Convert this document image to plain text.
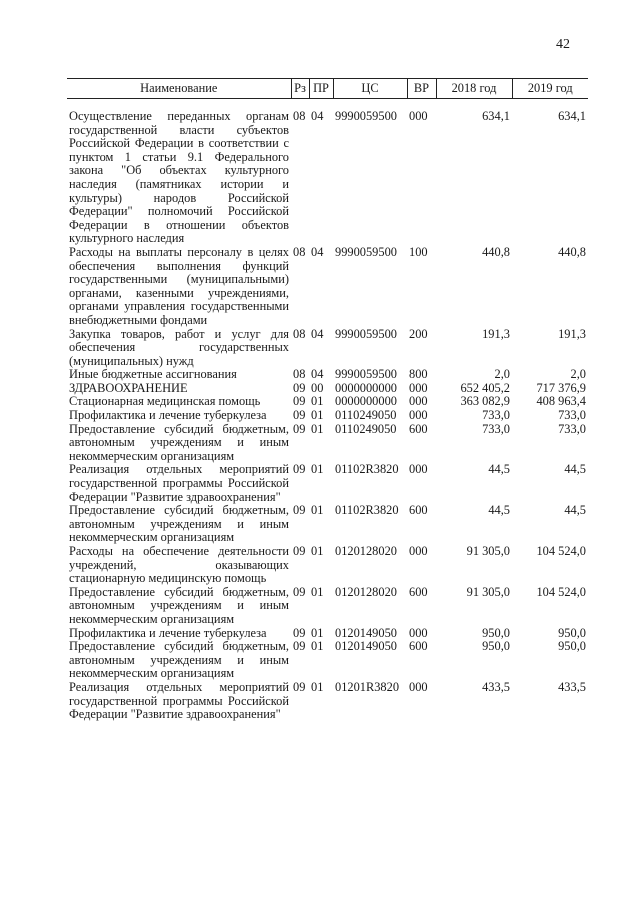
42
Наименование	Рз	ПР	ЦС	ВР	2018 год	2019 год
Осуществление переданных органам государственной власти субъектов Российской Федерации в соответствии с пунктом 1 статьи 9.1 Федерального закона "Об объектах культурного наследия (памятниках истории и культуры) народов Российской Федерации" полномочий Российской Федерации в отношении объектов культурного наследия	08	04	9990059500	000	634,1	634,1
Расходы на выплаты персоналу в целях обеспечения выполнения функций государственными (муниципальными) органами, казенными учреждениями, органами управления государственными внебюджетными фондами	08	04	9990059500	100	440,8	440,8
Закупка товаров, работ и услуг для обеспечения государственных (муниципальных) нужд	08	04	9990059500	200	191,3	191,3
Иные бюджетные ассигнования	08	04	9990059500	800	2,0	2,0
ЗДРАВООХРАНЕНИЕ	09	00	0000000000	000	652 405,2	717 376,9
Стационарная медицинская помощь	09	01	0000000000	000	363 082,9	408 963,4
Профилактика и лечение туберкулеза	09	01	0110249050	000	733,0	733,0
Предоставление субсидий бюджетным, автономным учреждениям и иным некоммерческим организациям	09	01	0110249050	600	733,0	733,0
Реализация отдельных мероприятий государственной программы Российской Федерации "Развитие здравоохранения"	09	01	01102R3820	000	44,5	44,5
Предоставление субсидий бюджетным, автономным учреждениям и иным некоммерческим организациям	09	01	01102R3820	600	44,5	44,5
Расходы на обеспечение деятельности учреждений, оказывающих стационарную медицинскую помощь	09	01	0120128020	000	91 305,0	104 524,0
Предоставление субсидий бюджетным, автономным учреждениям и иным некоммерческим организациям	09	01	0120128020	600	91 305,0	104 524,0
Профилактика и лечение туберкулеза	09	01	0120149050	000	950,0	950,0
Предоставление субсидий бюджетным, автономным учреждениям и иным некоммерческим организациям	09	01	0120149050	600	950,0	950,0
Реализация отдельных мероприятий государственной программы Российской Федерации "Развитие здравоохранения"	09	01	01201R3820	000	433,5	433,5
